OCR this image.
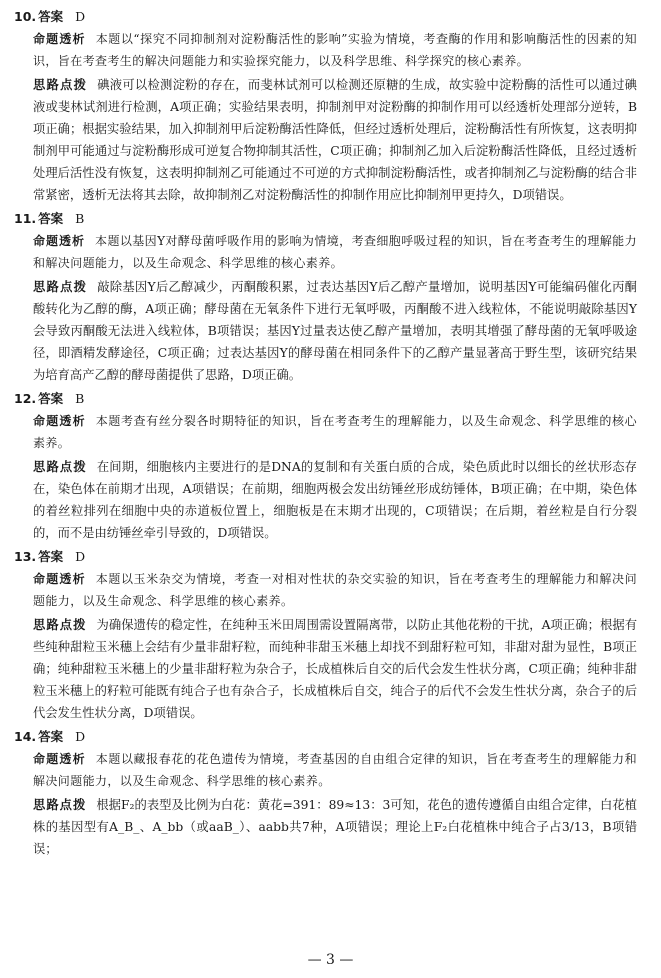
10. 答案 D
命题透析 本题以“探究不同抑制剂对淀粉酶活性的影响”实验为情境，考查酶的作用和影响酶活性的因素的知识，旨在考查考生的解决问题能力和实验探究能力，以及科学思维、科学探究的核心素养。
思路点拨 碘液可以检测淀粉的存在，而斐林试剂可以检测还原糖的生成，故实验中淀粉酶的活性可以通过碘液或斐林试剂进行检测，A项正确；实验结果表明，抑制剂甲对淀粉酶的抑制作用可以经透析处理部分逆转，B项正确；根据实验结果，加入抑制剂甲后淀粉酶活性降低，但经过透析处理后，淀粉酶活性有所恢复，这表明抑制剂甲可能通过与淀粉酶形成可逆复合物抑制其活性，C项正确；抑制剂乙加入后淀粉酶活性降低，且经过透析处理后活性没有恢复，这表明抑制剂乙可能通过不可逆的方式抑制淀粉酶活性，或者抑制剂乙与淀粉酶的结合非常紧密，透析无法将其去除，故抑制剂乙对淀粉酶活性的抑制作用应比抑制剂甲更持久，D项错误。
11. 答案 B
命题透析 本题以基因Y对酵母菌呼吸作用的影响为情境，考查细胞呼吸过程的知识，旨在考查考生的理解能力和解决问题能力，以及生命观念、科学思维的核心素养。
思路点拨 敲除基因Y后乙醇减少，丙酮酸积累，过表达基因Y后乙醇产量增加，说明基因Y可能编码催化丙酮酸转化为乙醇的酶，A项正确；酵母菌在无氧条件下进行无氧呼吸，丙酮酸不进入线粒体，不能说明敲除基因Y会导致丙酮酸无法进入线粒体，B项错误；基因Y过量表达使乙醇产量增加，表明其增强了酵母菌的无氧呼吸途径，即酒精发酵途径，C项正确；过表达基因Y的酵母菌在相同条件下的乙醇产量显著高于野生型，该研究结果为培育高产乙醇的酵母菌提供了思路，D项正确。
12. 答案 B
命题透析 本题考查有丝分裂各时期特征的知识，旨在考查考生的理解能力，以及生命观念、科学思维的核心素养。
思路点拨 在间期，细胞核内主要进行的是DNA的复制和有关蛋白质的合成，染色质此时以细长的丝状形态存在，染色体在前期才出现，A项错误；在前期，细胞两极会发出纺锤丝形成纺锤体，B项正确；在中期，染色体的着丝粒排列在细胞中央的赤道板位置上，细胞板是在末期才出现的，C项错误；在后期，着丝粒是自行分裂的，而不是由纺锤丝牵引导致的，D项错误。
13. 答案 D
命题透析 本题以玉米杂交为情境，考查一对相对性状的杂交实验的知识，旨在考查考生的理解能力和解决问题能力，以及生命观念、科学思维的核心素养。
思路点拨 为确保遗传的稳定性，在纯种玉米田周围需设置隔离带，以防止其他花粉的干扰，A项正确；根据有些纯种甜粒玉米穗上会结有少量非甜籽粒，而纯种非甜玉米穗上却找不到甜籽粒可知，非甜对甜为显性，B项正确；纯种甜粒玉米穗上的少量非甜籽粒为杂合子，长成植株后自交的后代会发生性状分离，C项正确；纯种非甜粒玉米穗上的籽粒可能既有纯合子也有杂合子，长成植株后自交，纯合子的后代不会发生性状分离，杂合子的后代会发生性状分离，D项错误。
14. 答案 D
命题透析 本题以藏报春花的花色遗传为情境，考查基因的自由组合定律的知识，旨在考查考生的理解能力和解决问题能力，以及生命观念、科学思维的核心素养。
思路点拨 根据F₂的表型及比例为白花：黄花=391：89≈13：3可知，花色的遗传遵循自由组合定律，白花植株的基因型有A_B_、A_bb（或aaB_）、aabb共7种，A项错误；理论上F₂白花植株中纯合子占3/13，B项错误；
— 3 —
